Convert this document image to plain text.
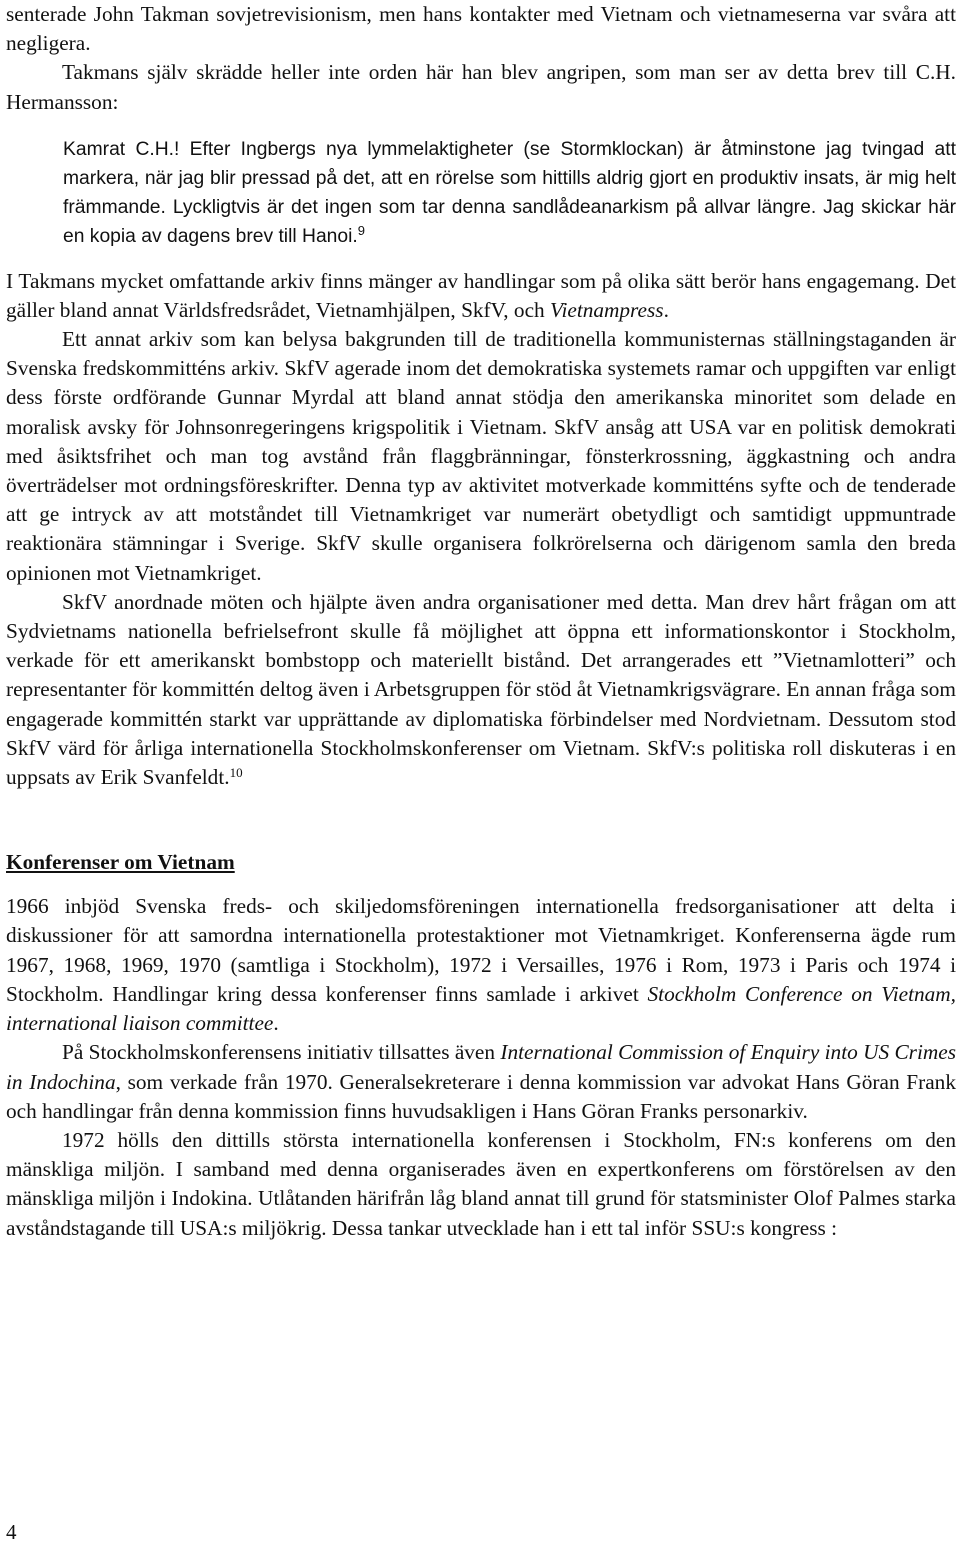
senterade John Takman sovjetrevisionism, men hans kontakter med Vietnam och vietnameserna var svåra att negligera.

Takmans själv skrädde heller inte orden här han blev angripen, som man ser av detta brev till C.H. Hermansson:

Kamrat C.H.! Efter Ingbergs nya lymmelaktigheter (se Stormklockan) är åtminstone jag tvingad att markera, när jag blir pressad på det, att en rörelse som hittills aldrig gjort en produktiv insats, är mig helt främmande. Lyckligtvis är det ingen som tar denna sandlådeanarkism på allvar längre. Jag skickar här en kopia av dagens brev till Hanoi.$^9$

I Takmans mycket omfattande arkiv finns mänger av handlingar som på olika sätt berör hans engagemang. Det gäller bland annat Världsfredsrådet, Vietnamhjälpen, SkfV, och Vietnampress.

Ett annat arkiv som kan belysa bakgrunden till de traditionella kommunisternas ställningstaganden är Svenska fredskommitténs arkiv. SkfV agerade inom det demokratiska systemets ramar och uppgiften var enligt dess förste ordförande Gunnar Myrdal att bland annat stödja den amerikanska minoritet som delade en moralisk avsky för Johnsonregeringens krigspolitik i Vietnam. SkfV ansåg att USA var en politisk demokrati med åsiktsfrihet och man tog avstånd från flaggbränningar, fönsterkrossning, äggkastning och andra överträdelser mot ordningsföreskrifter. Denna typ av aktivitet motverkade kommitténs syfte och de tenderade att ge intryck av att motståndet till Vietnamkriget var numerärt obetydligt och samtidigt uppmuntrade reaktionära stämningar i Sverige. SkfV skulle organisera folkrörelserna och därigenom samla den breda opinionen mot Vietnamkriget.

SkfV anordnade möten och hjälpte även andra organisationer med detta. Man drev hårt frågan om att Sydvietnams nationella befrielsefront skulle få möjlighet att öppna ett informationskontor i Stockholm, verkade för ett amerikanskt bombstopp och materiellt bistånd. Det arrangerades ett ”Vietnamlotteri” och representanter för kommittén deltog även i Arbetsgruppen för stöd åt Vietnamkrigsvägrare. En annan fråga som engagerade kommittén starkt var upprättande av diplomatiska förbindelser med Nordvietnam. Dessutom stod SkfV värd för årliga internationella Stockholmskonferenser om Vietnam. SkfV:s politiska roll diskuteras i en uppsats av Erik Svanfeldt.$^{10}$

Konferenser om Vietnam

1966 inbjöd Svenska freds- och skiljedomsföreningen internationella fredsorganisationer att delta i diskussioner för att samordna internationella protestaktioner mot Vietnamkriget. Konferenserna ägde rum 1967, 1968, 1969, 1970 (samtliga i Stockholm), 1972 i Versailles, 1976 i Rom, 1973 i Paris och 1974 i Stockholm. Handlingar kring dessa konferenser finns samlade i arkivet Stockholm Conference on Vietnam, international liaison committee.

På Stockholmskonferensens initiativ tillsattes även International Commission of Enquiry into US Crimes in Indochina, som verkade från 1970. Generalsekreterare i denna kommission var advokat Hans Göran Frank och handlingar från denna kommission finns huvudsakligen i Hans Göran Franks personarkiv.

1972 hölls den dittills största internationella konferensen i Stockholm, FN:s konferens om den mänskliga miljön. I samband med denna organiserades även en expertkonferens om förstörelsen av den mänskliga miljön i Indokina. Utlåtanden härifrån låg bland annat till grund för statsminister Olof Palmes starka avståndstagande till USA:s miljökrig. Dessa tankar utvecklade han i ett tal inför SSU:s kongress :

4
